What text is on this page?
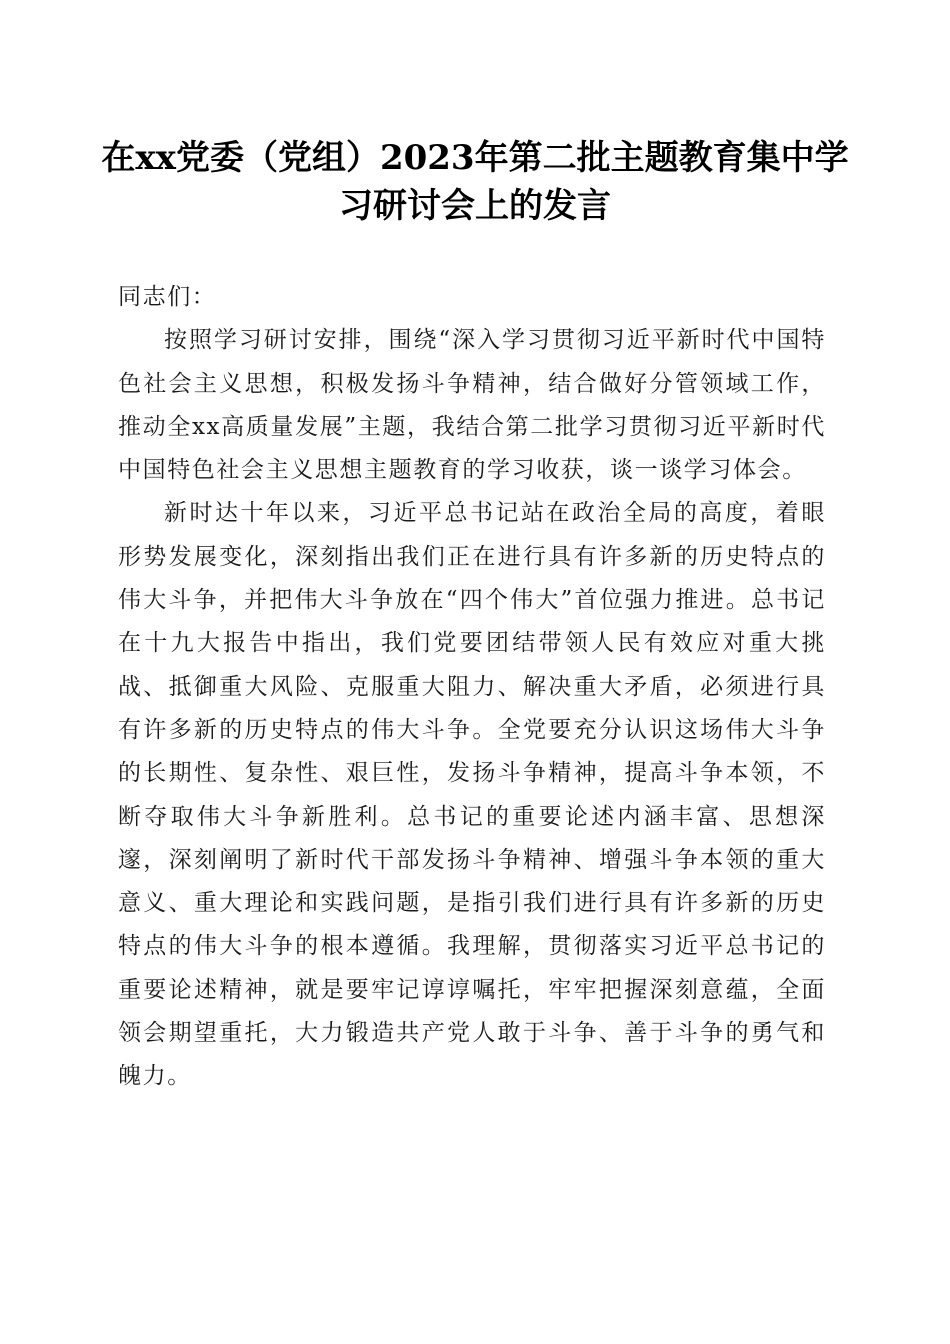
在xx党委（党组）2023年第二批主题教育集中学习研讨会上的发言

同志们：

按照学习研讨安排，围绕“深入学习贯彻习近平新时代中国特色社会主义思想，积极发扬斗争精神，结合做好分管领域工作，推动全xx高质量发展”主题，我结合第二批学习贯彻习近平新时代中国特色社会主义思想主题教育的学习收获，谈一谈学习体会。

新时达十年以来，习近平总书记站在政治全局的高度，着眼形势发展变化，深刻指出我们正在进行具有许多新的历史特点的伟大斗争，并把伟大斗争放在“四个伟大”首位强力推进。总书记在十九大报告中指出，我们党要团结带领人民有效应对重大挑战、抵御重大风险、克服重大阻力、解决重大矛盾，必须进行具有许多新的历史特点的伟大斗争。全党要充分认识这场伟大斗争的长期性、复杂性、艰巨性，发扬斗争精神，提高斗争本领，不断夺取伟大斗争新胜利。总书记的重要论述内涵丰富、思想深邃，深刻阐明了新时代干部发扬斗争精神、增强斗争本领的重大意义、重大理论和实践问题，是指引我们进行具有许多新的历史特点的伟大斗争的根本遵循。我理解，贯彻落实习近平总书记的重要论述精神，就是要牢记谆谆嘱托，牢牢把握深刻意蕴，全面领会期望重托，大力锻造共产党人敢于斗争、善于斗争的勇气和魄力。
